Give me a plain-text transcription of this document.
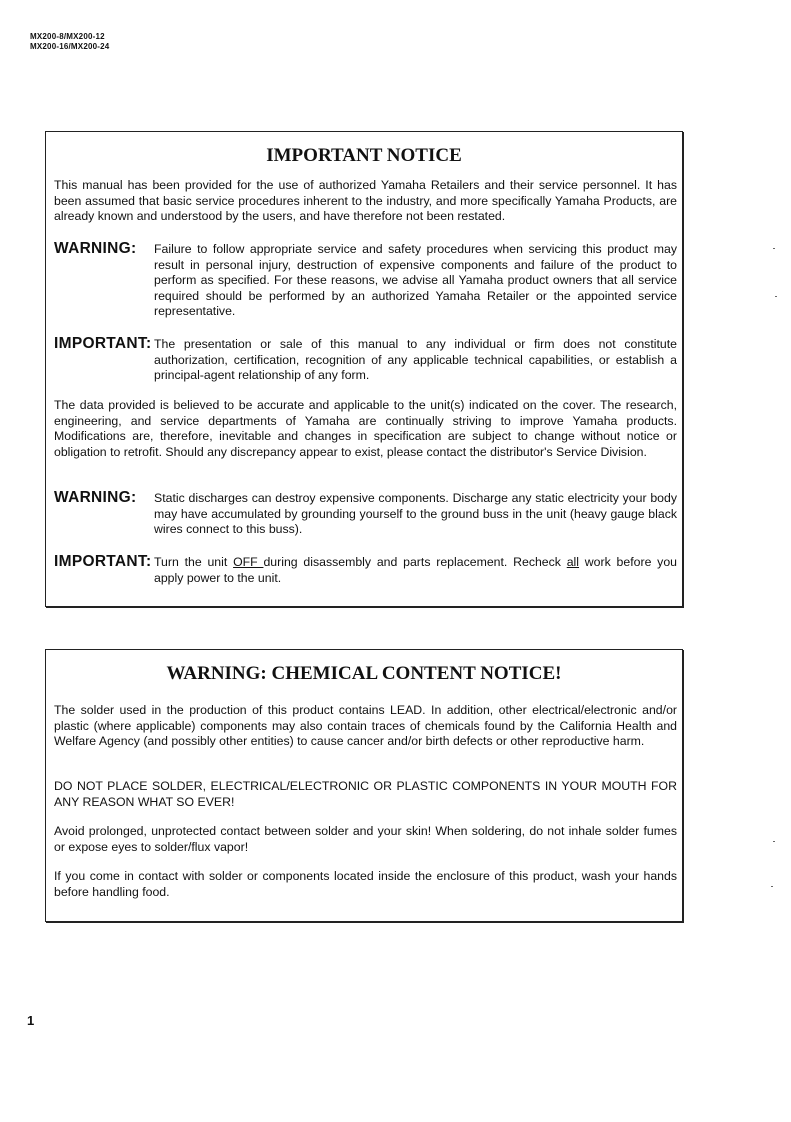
MX200-8/MX200-12
MX200-16/MX200-24
IMPORTANT NOTICE
This manual has been provided for the use of authorized Yamaha Retailers and their service personnel. It has been assumed that basic service procedures inherent to the industry, and more specifically Yamaha Products, are already known and understood by the users, and have therefore not been restated.
WARNING: Failure to follow appropriate service and safety procedures when servicing this product may result in personal injury, destruction of expensive components and failure of the product to perform as specified. For these reasons, we advise all Yamaha product owners that all service required should be performed by an authorized Yamaha Retailer or the appointed service representative.
IMPORTANT: The presentation or sale of this manual to any individual or firm does not constitute authorization, certification, recognition of any applicable technical capabilities, or establish a principal-agent relationship of any form.
The data provided is believed to be accurate and applicable to the unit(s) indicated on the cover. The research, engineering, and service departments of Yamaha are continually striving to improve Yamaha products. Modifications are, therefore, inevitable and changes in specification are subject to change without notice or obligation to retrofit. Should any discrepancy appear to exist, please contact the distributor's Service Division.
WARNING: Static discharges can destroy expensive components. Discharge any static electricity your body may have accumulated by grounding yourself to the ground buss in the unit (heavy gauge black wires connect to this buss).
IMPORTANT: Turn the unit OFF during disassembly and parts replacement. Recheck all work before you apply power to the unit.
WARNING: CHEMICAL CONTENT NOTICE!
The solder used in the production of this product contains LEAD. In addition, other electrical/electronic and/or plastic (where applicable) components may also contain traces of chemicals found by the California Health and Welfare Agency (and possibly other entities) to cause cancer and/or birth defects or other reproductive harm.
DO NOT PLACE SOLDER, ELECTRICAL/ELECTRONIC OR PLASTIC COMPONENTS IN YOUR MOUTH FOR ANY REASON WHAT SO EVER!
Avoid prolonged, unprotected contact between solder and your skin! When soldering, do not inhale solder fumes or expose eyes to solder/flux vapor!
If you come in contact with solder or components located inside the enclosure of this product, wash your hands before handling food.
1
